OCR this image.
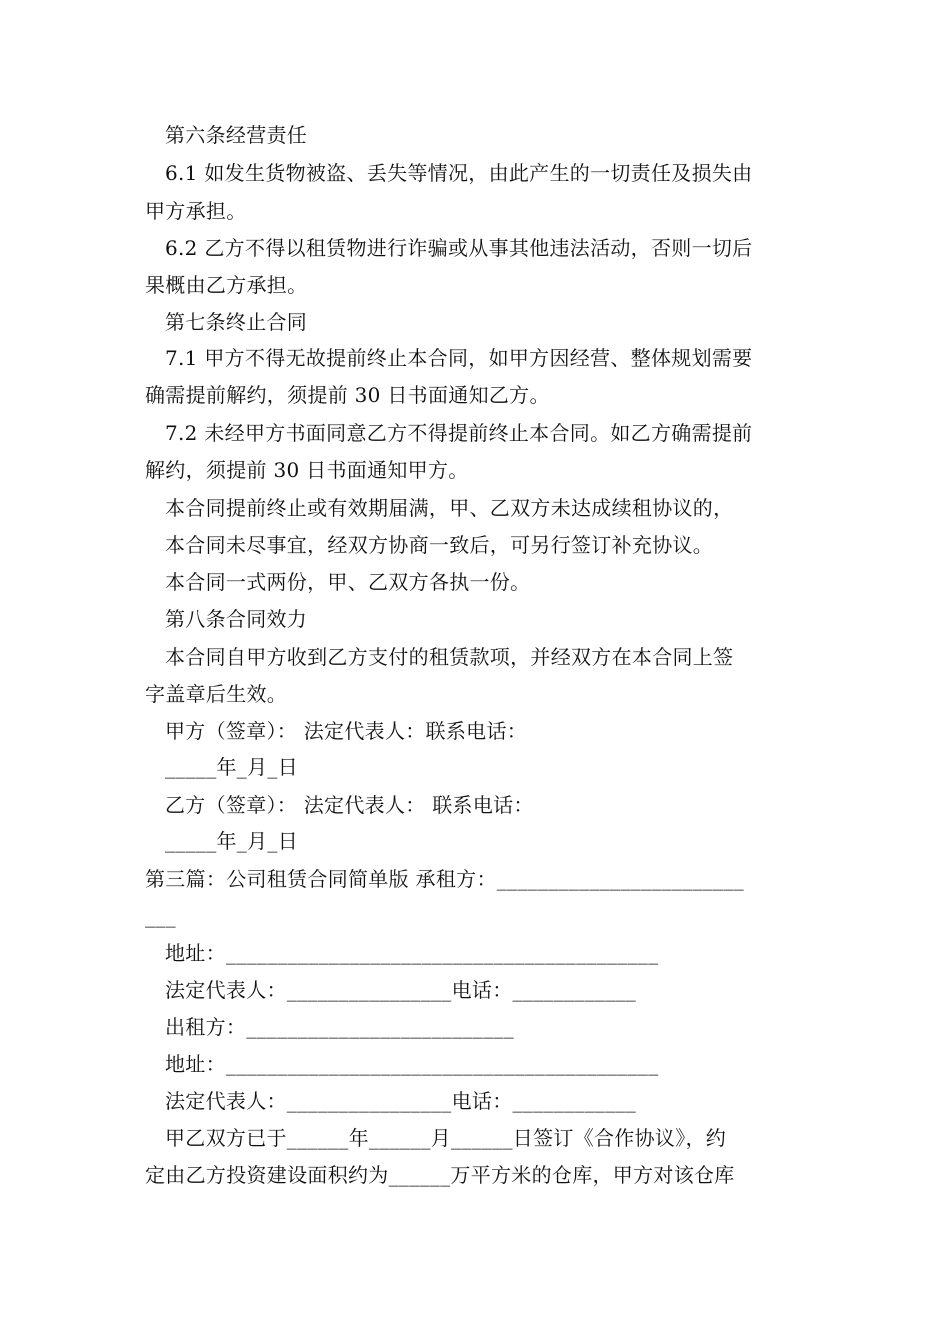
第六条经营责任
6.1 如发生货物被盗、丢失等情况，由此产生的一切责任及损失由
甲方承担。
6.2 乙方不得以租赁物进行诈骗或从事其他违法活动，否则一切后
果概由乙方承担。
第七条终止合同
7.1 甲方不得无故提前终止本合同，如甲方因经营、整体规划需要
确需提前解约，须提前 30 日书面通知乙方。
7.2 未经甲方书面同意乙方不得提前终止本合同。如乙方确需提前
解约，须提前 30 日书面通知甲方。
本合同提前终止或有效期届满，甲、乙双方未达成续租协议的，
本合同未尽事宜，经双方协商一致后，可另行签订补充协议。
本合同一式两份，甲、乙双方各执一份。
第八条合同效力
本合同自甲方收到乙方支付的租赁款项，并经双方在本合同上签
字盖章后生效。
甲方（签章）： 法定代表人：联系电话：
_____年_月_日
乙方（签章）： 法定代表人： 联系电话：
_____年_月_日
第三篇：公司租赁合同简单版 承租方：________________________
___
地址：__________________________________________
法定代表人：________________电话：____________
出租方：__________________________
地址：__________________________________________
法定代表人：________________电话：____________
甲乙双方已于______年______月______日签订《合作协议》，约
定由乙方投资建设面积约为______万平方米的仓库，甲方对该仓库
